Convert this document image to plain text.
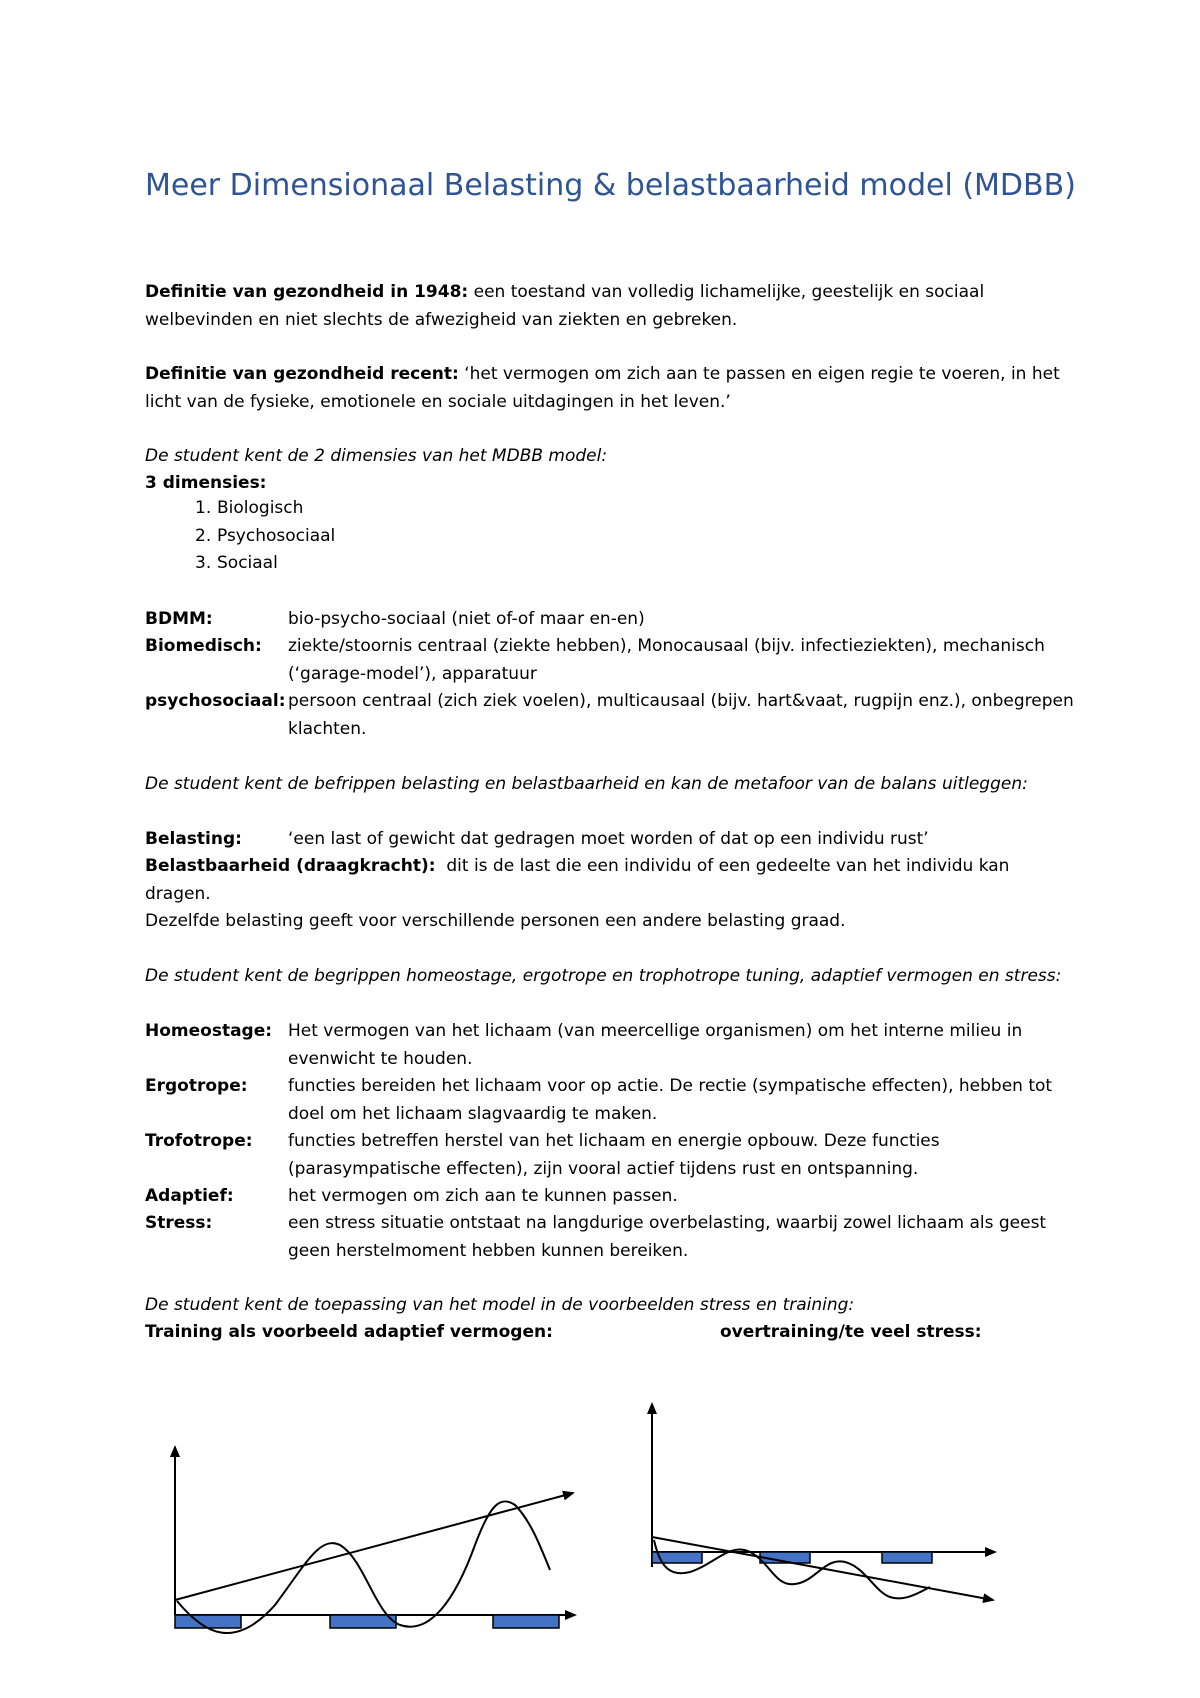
Meer Dimensionaal Belasting & belastbaarheid model (MDBB)

Definitie van gezondheid in 1948: een toestand van volledig lichamelijke, geestelijk en sociaal welbevinden en niet slechts de afwezigheid van ziekten en gebreken.

Definitie van gezondheid recent: ‘het vermogen om zich aan te passen en eigen regie te voeren, in het licht van de fysieke, emotionele en sociale uitdagingen in het leven.’

De student kent de 2 dimensies van het MDBB model:

3 dimensies:

1. Biologisch
2. Psychosociaal
3. Sociaal
BDMM:	bio-psycho-sociaal (niet of-of maar en-en)
Biomedisch: ziekte/stoornis centraal (ziekte hebben), Monocausaal (bijv. infectieziekten), mechanisch (‘garage-model’), apparatuur
psychosociaal: persoon centraal (zich ziek voelen), multicausaal (bijv. hart&vaat, rugpijn enz.), onbegrepen klachten.

De student kent de befrippen belasting en belastbaarheid en kan de metafoor van de balans uitleggen:

Belasting:	‘een last of gewicht dat gedragen moet worden of dat op een individu rust’

Belastbaarheid (draagkracht): dit is de last die een individu of een gedeelte van het individu kan dragen.

Dezelfde belasting geeft voor verschillende personen een andere belasting graad.

De student kent de begrippen homeostage, ergotrope en trophotrope tuning, adaptief vermogen en stress:

Homeostage: Het vermogen van het lichaam (van meercellige organismen) om het interne milieu in evenwicht te houden.
Ergotrope: functies bereiden het lichaam voor op actie. De rectie (sympatische effecten), hebben tot doel om het lichaam slagvaardig te maken.
Trofotrope: functies betreffen herstel van het lichaam en energie opbouw. Deze functies (parasympatische effecten), zijn vooral actief tijdens rust en ontspanning.
Adaptief:	het vermogen om zich aan te kunnen passen.
Stress:	een stress situatie ontstaat na langdurige overbelasting, waarbij zowel lichaam als geest geen herstelmoment hebben kunnen bereiken.

De student kent de toepassing van het model in de voorbeelden stress en training:

Training als voorbeeld adaptief vermogen:	overtraining/te veel stress:
